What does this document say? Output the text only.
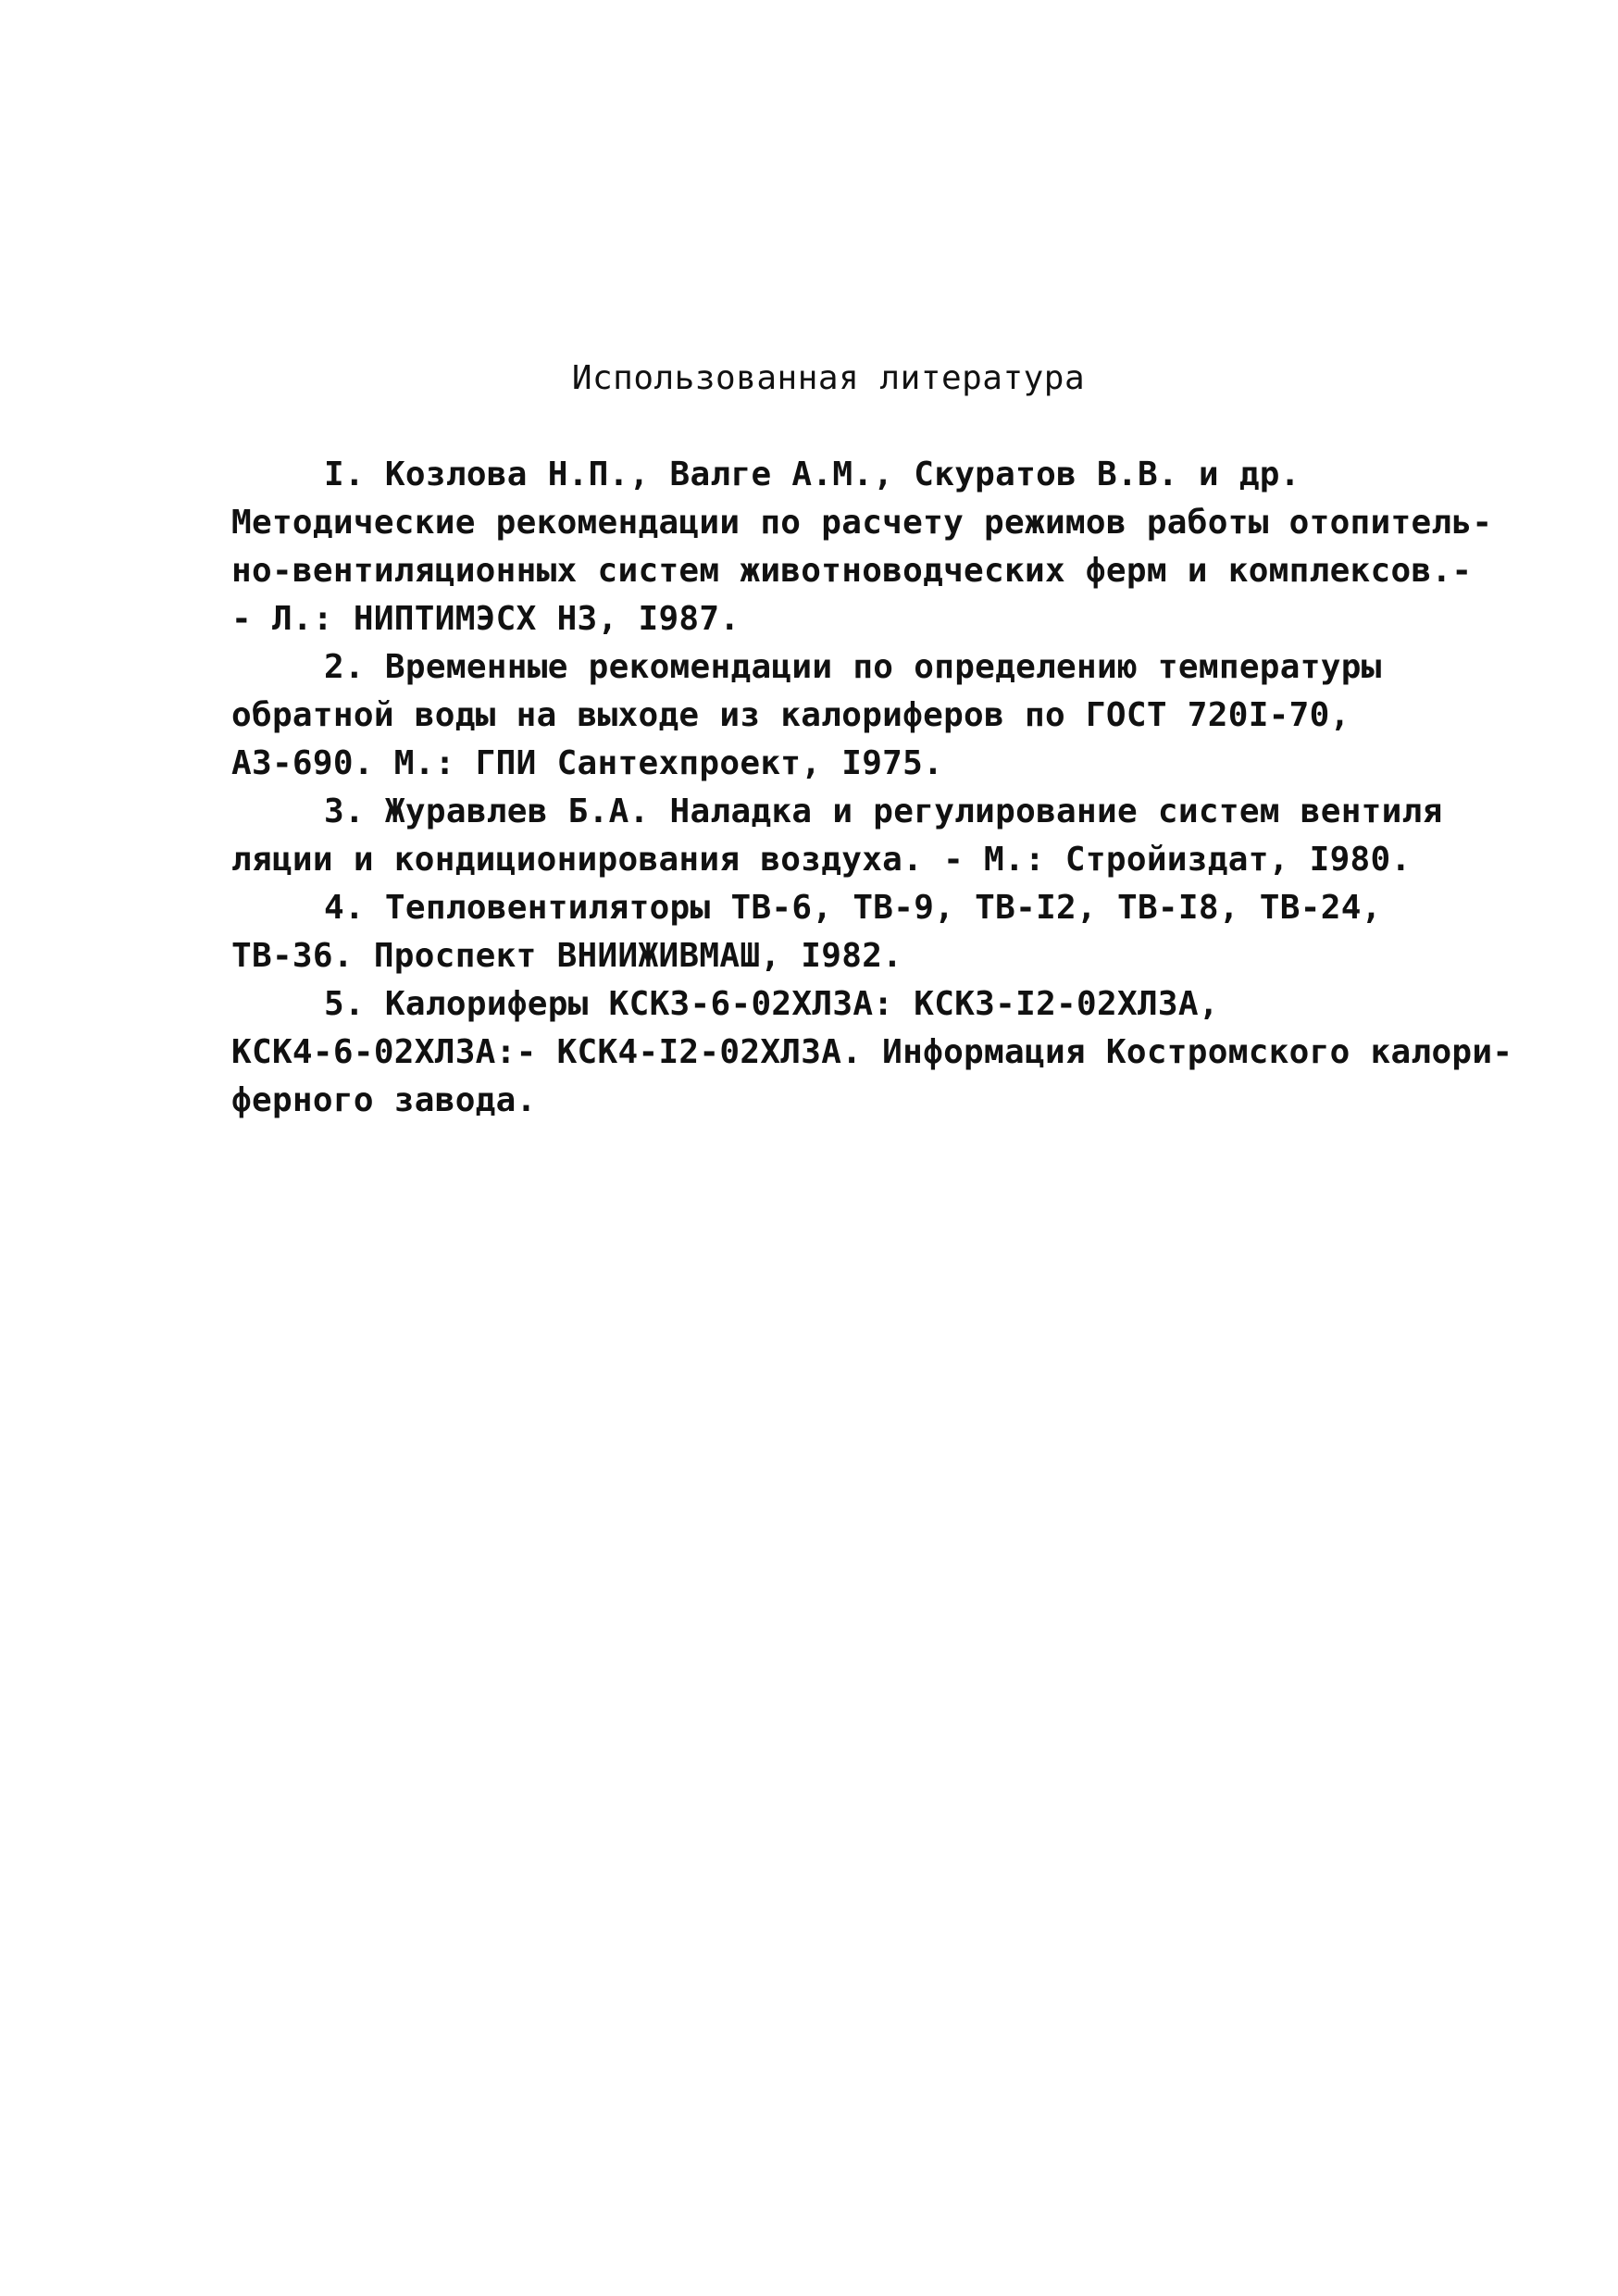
Использованная литература
I. Козлова Н.П., Валге А.М., Скуратов В.В. и др.
Методические рекомендации по расчету режимов работы отопитель-
но-вентиляционных систем животноводческих ферм и комплексов.-
- Л.: НИПТИМЭСХ НЗ, I987.
2. Временные рекомендации по определению температуры
обратной воды на выходе из калориферов по ГОСТ 720I-70,
А3-690. М.: ГПИ Сантехпроект, I975.
3. Журавлев Б.А. Наладка и регулирование систем вентиля
ляции и кондиционирования воздуха. - М.: Стройиздат, I980.
4. Тепловентиляторы ТВ-6, ТВ-9, ТВ-I2, ТВ-I8, ТВ-24,
ТВ-36. Проспект ВНИИЖИВМАШ, I982.
5. Калориферы КСК3-6-02ХЛ3А: КСК3-I2-02ХЛ3А,
КСК4-6-02ХЛ3А:- КСК4-I2-02ХЛ3А. Информация Костромского калори-
ферного завода.
